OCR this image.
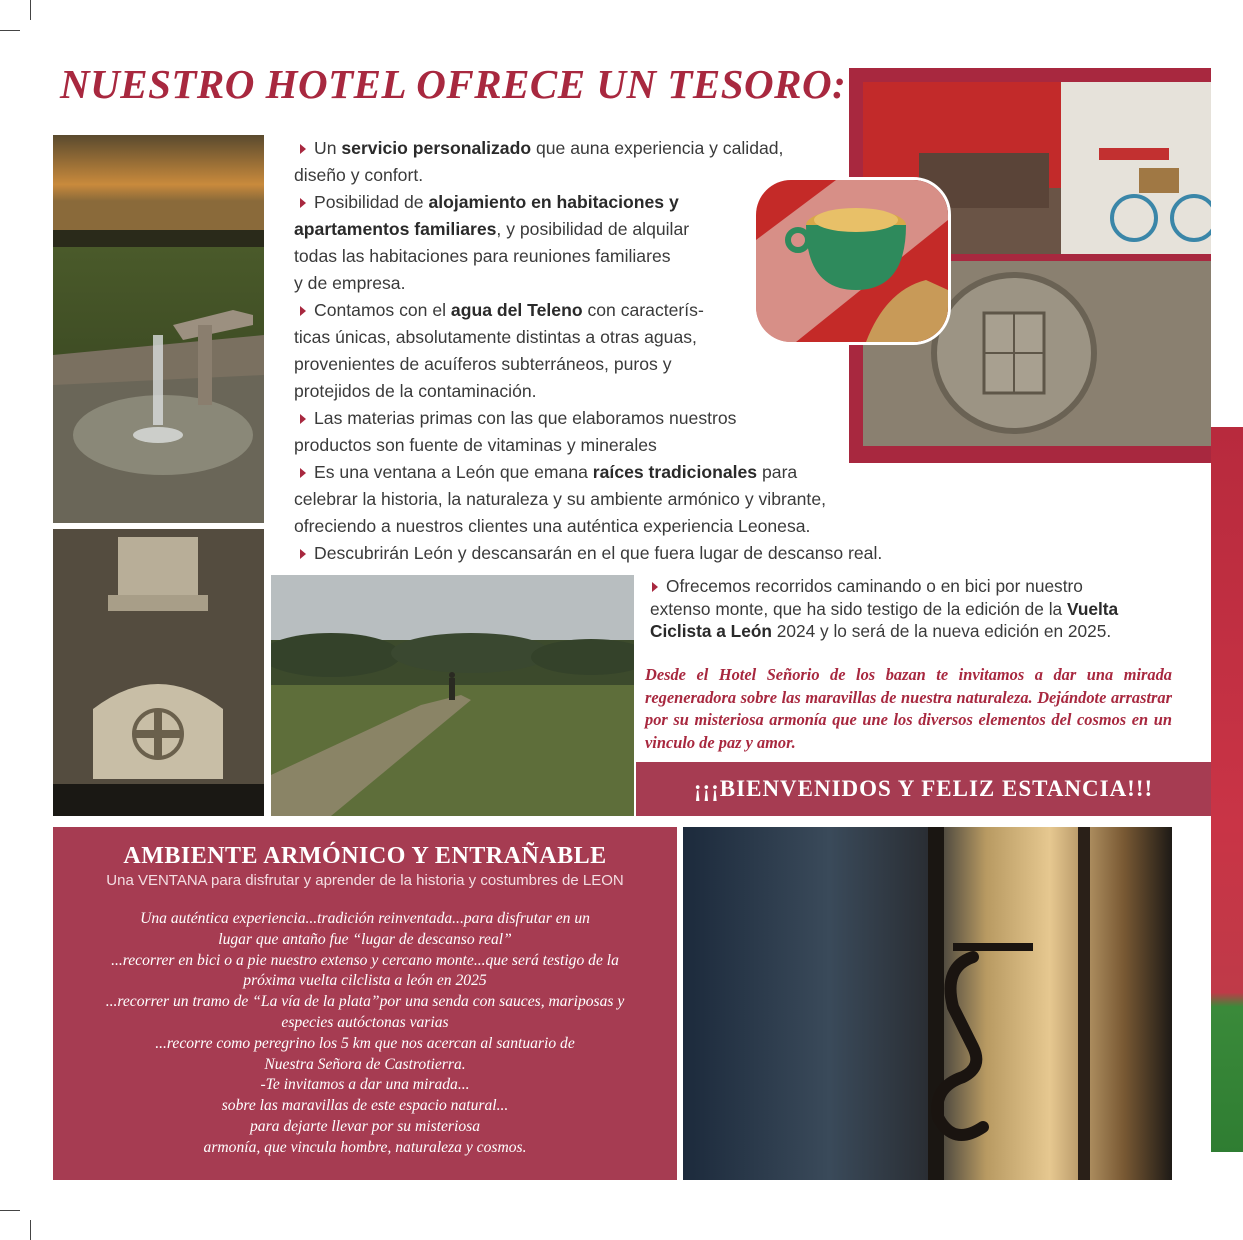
NUESTRO HOTEL OFRECE UN TESORO:

Un servicio personalizado que auna experiencia y calidad,
diseño y confort.

Posibilidad de alojamiento en habitaciones y
apartamentos familiares, y posibilidad de alquilar
todas las habitaciones para reuniones familiares
y de empresa.

Contamos con el agua del Teleno con caracterís-
ticas únicas, absolutamente distintas a otras aguas,
provenientes de acuíferos subterráneos, puros y
protejidos de la contaminación.

Las materias primas con las que elaboramos nuestros
productos son fuente de vitaminas y minerales

Es una ventana a León que emana raíces tradicionales para
celebrar la historia, la naturaleza y su ambiente armónico y vibrante,
ofreciendo a nuestros clientes una auténtica experiencia Leonesa.

Descubrirán León y descansarán en el que fuera lugar de descanso real.

Ofrecemos recorridos caminando o en bici por nuestro

extenso monte, que ha sido testigo de la edición de la Vuelta

Ciclista a León 2024 y lo será de la nueva edición en 2025.

Desde el Hotel Señorio de los bazan te invitamos a dar una mirada regeneradora sobre las maravillas de nuestra naturaleza. Dejándote arrastrar por su misteriosa armonía que une los diversos elementos del cosmos en un vinculo de paz y amor.

¡¡¡BIENVENIDOS Y FELIZ ESTANCIA!!!
AMBIENTE ARMÓNICO Y ENTRAÑABLE
Una VENTANA para disfrutar y aprender de la historia y costumbres de LEON
Una auténtica experiencia...tradición reinventada...para disfrutar en un
lugar que antaño fue “lugar de descanso real”
...recorrer en bici o a pie nuestro extenso y cercano monte...que será testigo de la
próxima vuelta cilclista a león en 2025
...recorrer un tramo de “La vía de la plata”por una senda con sauces, mariposas y
especies autóctonas varias
...recorre como peregrino los 5 km que nos acercan al santuario de
Nuestra Señora de Castrotierra.
-Te invitamos a dar una mirada...
sobre las maravillas de este espacio natural...
para dejarte llevar por su misteriosa
armonía, que vincula hombre, naturaleza y cosmos.
